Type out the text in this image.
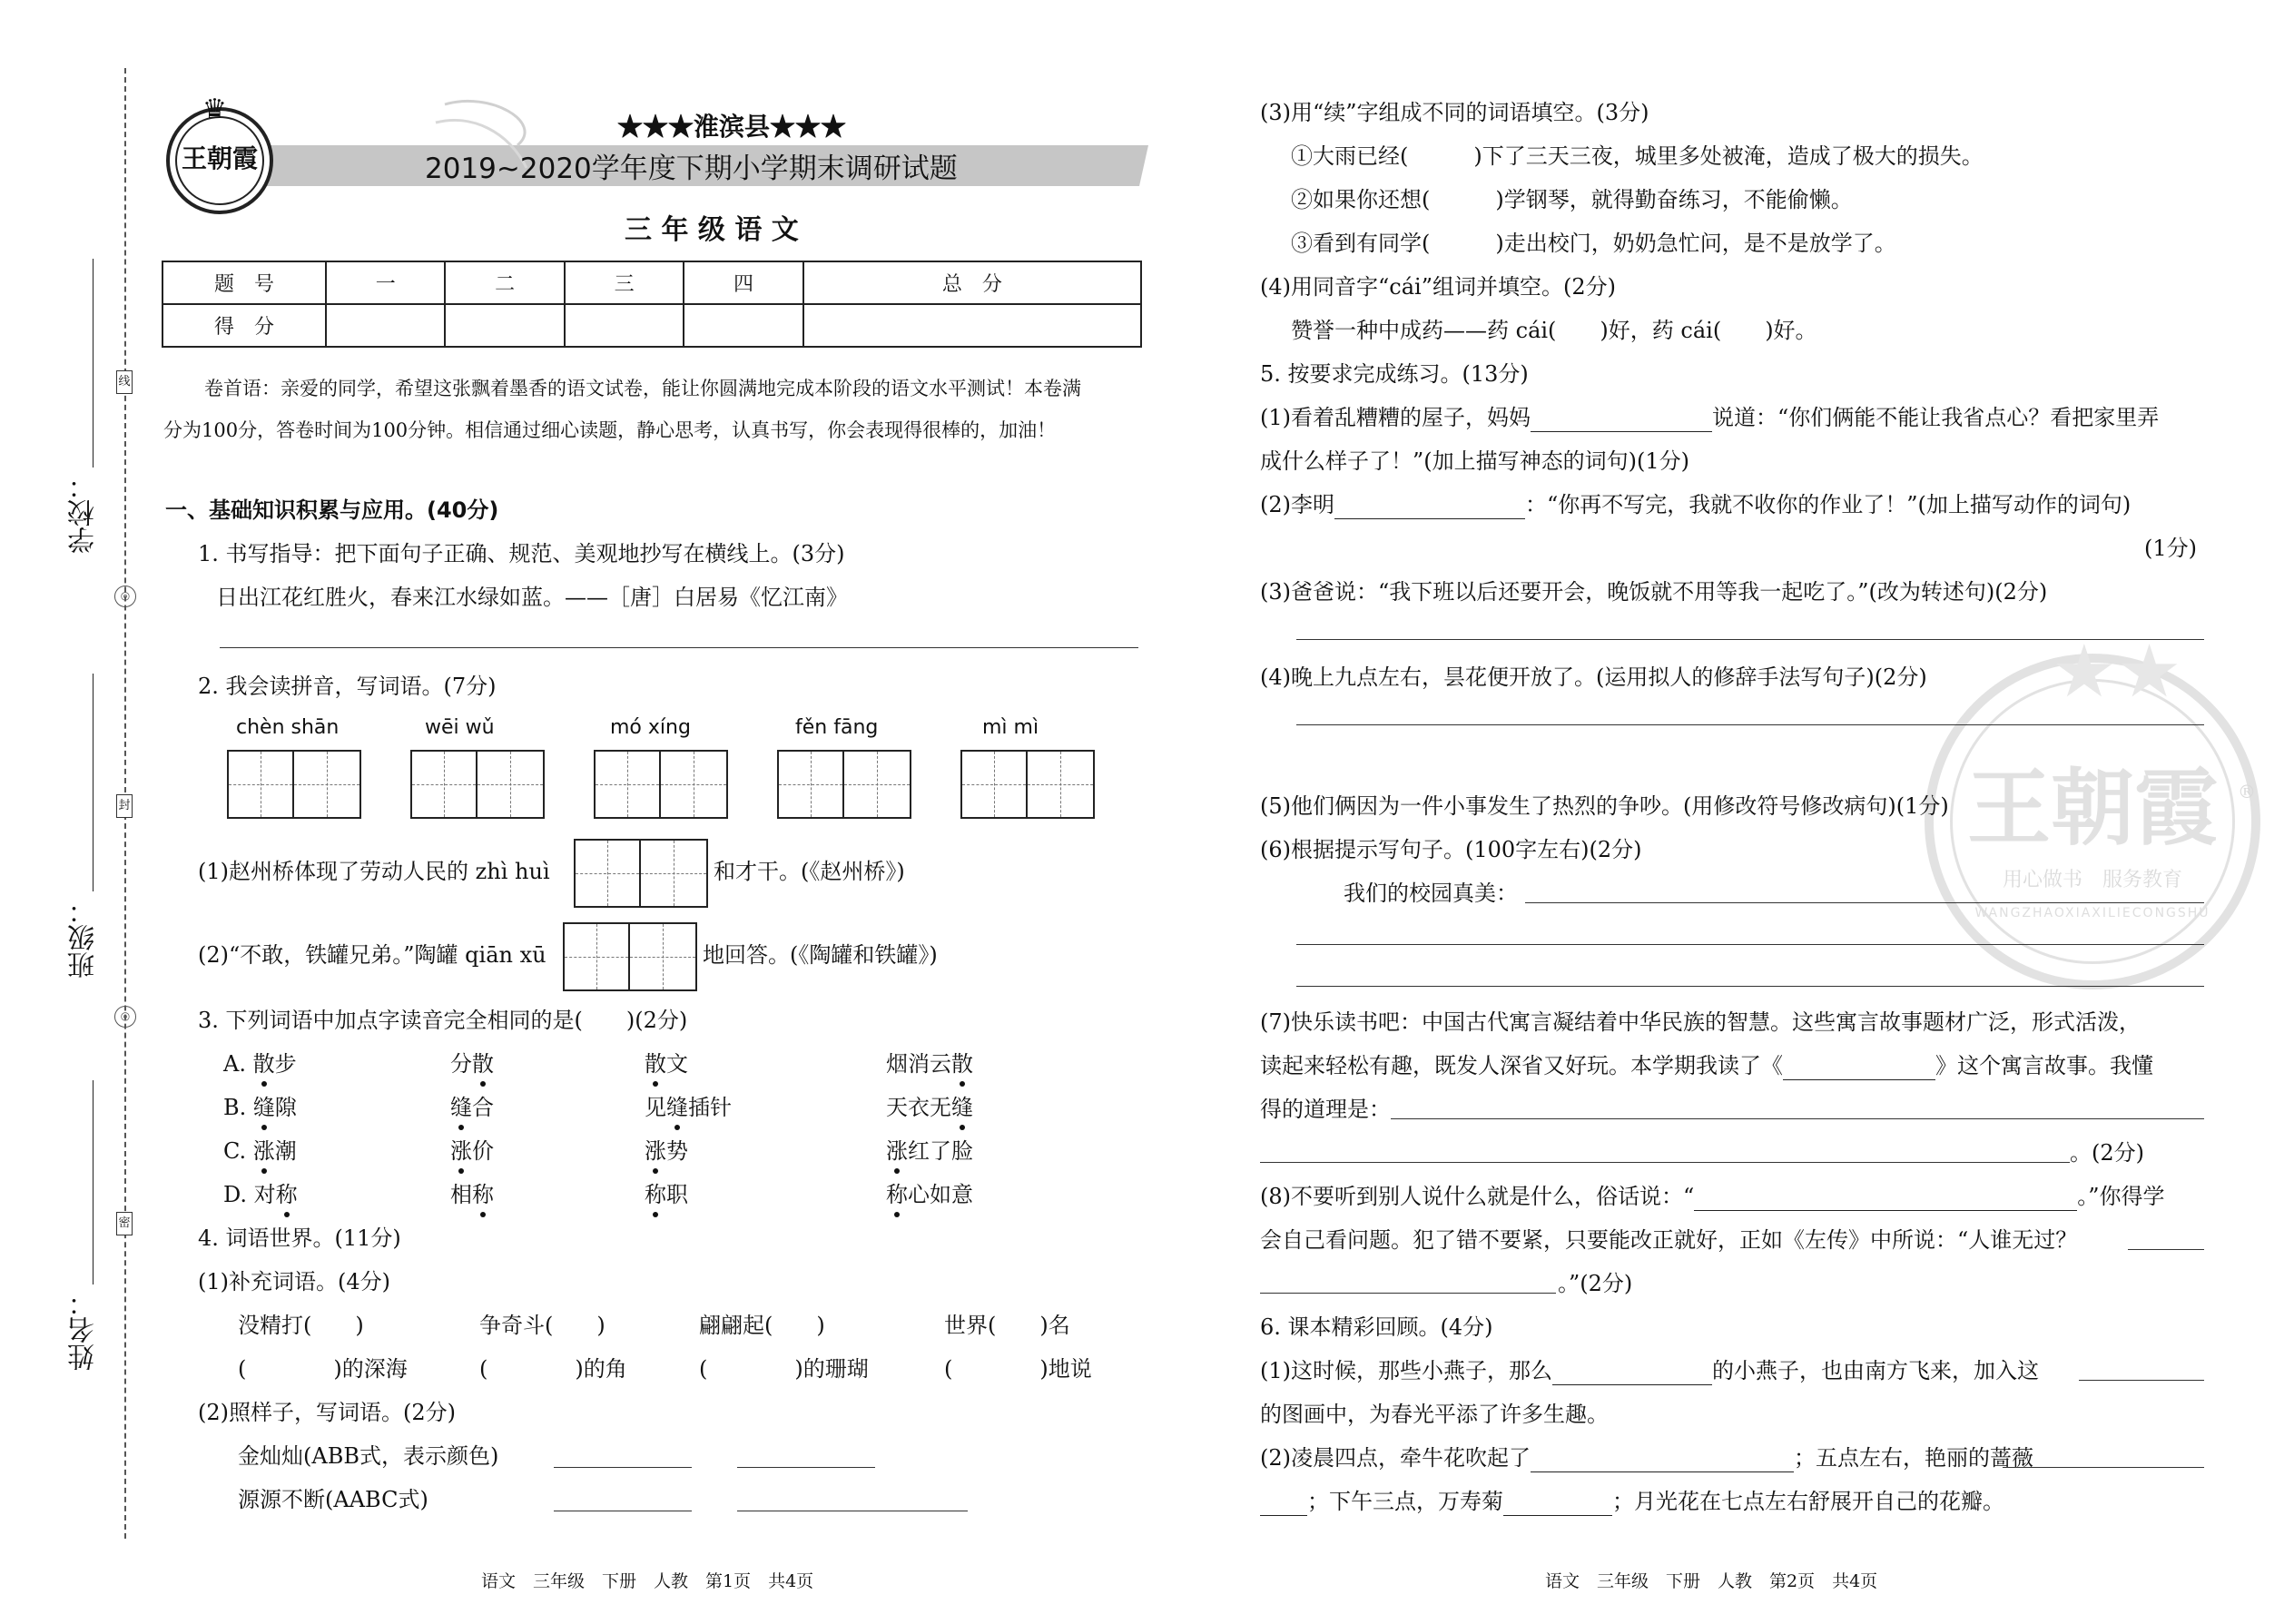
学校：
班级：
姓名：
线
◎
封
◎
密
♛
王朝霞
★★★淮滨县★★★
2019~2020学年度下期小学期末调研试题
三 年 级 语 文
题　号	一	二	三	四	总　分
得　分					
卷首语：亲爱的同学，希望这张飘着墨香的语文试卷，能让你圆满地完成本阶段的语文水平测试！本卷满
分为100分，答卷时间为100分钟。相信通过细心读题，静心思考，认真书写，你会表现得很棒的，加油！
一、基础知识积累与应用。(40分)
1. 书写指导：把下面句子正确、规范、美观地抄写在横线上。(3分)
日出江花红胜火，春来江水绿如蓝。——［唐］白居易《忆江南》
2. 我会读拼音，写词语。(7分)
chèn shān	wēi wǔ	mó xíng	fěn fāng	mì mì
(1)赵州桥体现了劳动人民的 zhì huì	和才干。(《赵州桥》)
(2)“不敢，铁罐兄弟。”陶罐 qiān xū	地回答。(《陶罐和铁罐》)
3. 下列词语中加点字读音完全相同的是(　　)(2分)
A. 散步	分散	散文	烟消云散
B. 缝隙	缝合	见缝插针	天衣无缝
C. 涨潮	涨价	涨势	涨红了脸
D. 对称	相称	称职	称心如意
4. 词语世界。(11分)
(1)补充词语。(4分)
没精打(　　)	争奇斗(　　)	翩翩起(　　)	世界(　　)名
(　　　　)的深海	(　　　　)的角	(　　　　)的珊瑚	(　　　　)地说
(2)照样子，写词语。(2分)
金灿灿(ABB式，表示颜色)
源源不断(AABC式)
语文　三年级　下册　人教　第1页　共4页
★★
王朝霞
用心做书　服务教育
WANGZHAOXIAXILIECONGSHU
®
(3)用“续”字组成不同的词语填空。(3分)
①大雨已经(　　　)下了三天三夜，城里多处被淹，造成了极大的损失。
②如果你还想(　　　)学钢琴，就得勤奋练习，不能偷懒。
③看到有同学(　　　)走出校门，奶奶急忙问，是不是放学了。
(4)用同音字“cái”组词并填空。(2分)
赞誉一种中成药——药 cái(　　)好，药 cái(　　)好。
5. 按要求完成练习。(13分)
(1)看着乱糟糟的屋子，妈妈	说道：“你们俩能不能让我省点心？看把家里弄
成什么样子了！”(加上描写神态的词句)(1分)
(2)李明	：“你再不写完，我就不收你的作业了！”(加上描写动作的词句)
(1分)
(3)爸爸说：“我下班以后还要开会，晚饭就不用等我一起吃了。”(改为转述句)(2分)
(4)晚上九点左右，昙花便开放了。(运用拟人的修辞手法写句子)(2分)
(5)他们俩因为一件小事发生了热烈的争吵。(用修改符号修改病句)(1分)
(6)根据提示写句子。(100字左右)(2分)
我们的校园真美：
(7)快乐读书吧：中国古代寓言凝结着中华民族的智慧。这些寓言故事题材广泛，形式活泼，
读起来轻松有趣，既发人深省又好玩。本学期我读了《	》这个寓言故事。我懂
得的道理是：
。(2分)
(8)不要听到别人说什么就是什么，俗话说：“	。”你得学
会自己看问题。犯了错不要紧，只要能改正就好，正如《左传》中所说：“人谁无过？
。”(2分)
6. 课本精彩回顾。(4分)
(1)这时候，那些小燕子，那么	的小燕子，也由南方飞来，加入这
的图画中，为春光平添了许多生趣。
(2)凌晨四点，牵牛花吹起了	；五点左右，艳丽的蔷薇
；下午三点，万寿菊	；月光花在七点左右舒展开自己的花瓣。
语文　三年级　下册　人教　第2页　共4页
